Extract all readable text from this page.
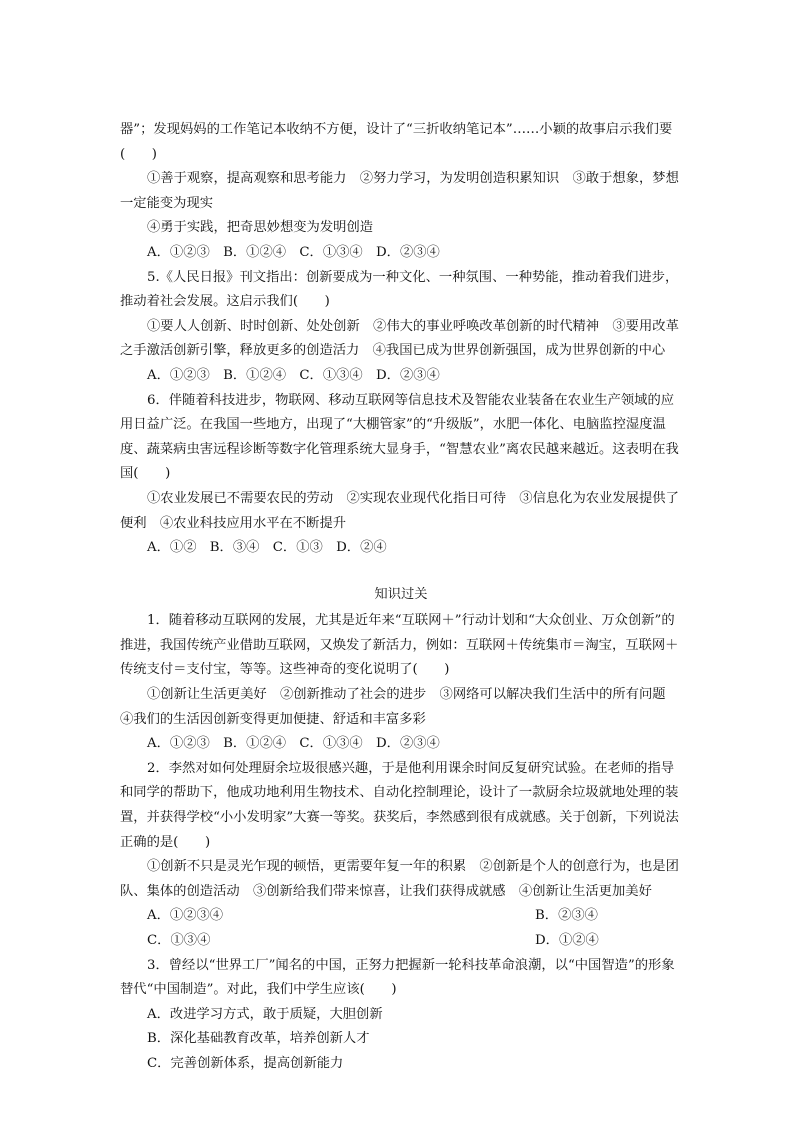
器”；发现妈妈的工作笔记本收纳不方便，设计了“三折收纳笔记本”……小颖的故事启示我们要(　　)

①善于观察，提高观察和思考能力　②努力学习，为发明创造积累知识　③敢于想象，梦想一定能变为现实

④勇于实践，把奇思妙想变为发明创造

A．①②③　B．①②④　C．①③④　D．②③④

5.《人民日报》刊文指出：创新要成为一种文化、一种氛围、一种势能，推动着我们进步，推动着社会发展。这启示我们(　　)

①要人人创新、时时创新、处处创新　②伟大的事业呼唤改革创新的时代精神　③要用改革之手激活创新引擎，释放更多的创造活力　④我国已成为世界创新强国，成为世界创新的中心

A．①②③　B．①②④　C．①③④　D．②③④

6．伴随着科技进步，物联网、移动互联网等信息技术及智能农业装备在农业生产领域的应用日益广泛。在我国一些地方，出现了“大棚管家”的“升级版”，水肥一体化、电脑监控湿度温度、蔬菜病虫害远程诊断等数字化管理系统大显身手，“智慧农业”离农民越来越近。这表明在我国(　　)

①农业发展已不需要农民的劳动　②实现农业现代化指日可待　③信息化为农业发展提供了便利　④农业科技应用水平在不断提升

A．①②　B．③④　C．①③　D．②④

知识过关

1．随着移动互联网的发展，尤其是近年来“互联网＋”行动计划和“大众创业、万众创新”的推进，我国传统产业借助互联网，又焕发了新活力，例如：互联网＋传统集市＝淘宝，互联网＋传统支付＝支付宝，等等。这些神奇的变化说明了(　　)

①创新让生活更美好　②创新推动了社会的进步　③网络可以解决我们生活中的所有问题　④我们的生活因创新变得更加便捷、舒适和丰富多彩

A．①②③　B．①②④　C．①③④　D．②③④

2．李然对如何处理厨余垃圾很感兴趣，于是他利用课余时间反复研究试验。在老师的指导和同学的帮助下，他成功地利用生物技术、自动化控制理论，设计了一款厨余垃圾就地处理的装置，并获得学校“小小发明家”大赛一等奖。获奖后，李然感到很有成就感。关于创新，下列说法正确的是(　　)

①创新不只是灵光乍现的顿悟，更需要年复一年的积累　②创新是个人的创意行为，也是团队、集体的创造活动　③创新给我们带来惊喜，让我们获得成就感　④创新让生活更加美好

A．①②③④	B．②③④
C．①③④	D．①②④

3．曾经以“世界工厂”闻名的中国，正努力把握新一轮科技革命浪潮，以“中国智造”的形象替代“中国制造”。对此，我们中学生应该(　　)

A．改进学习方式，敢于质疑，大胆创新

B．深化基础教育改革，培养创新人才

C．完善创新体系，提高创新能力
